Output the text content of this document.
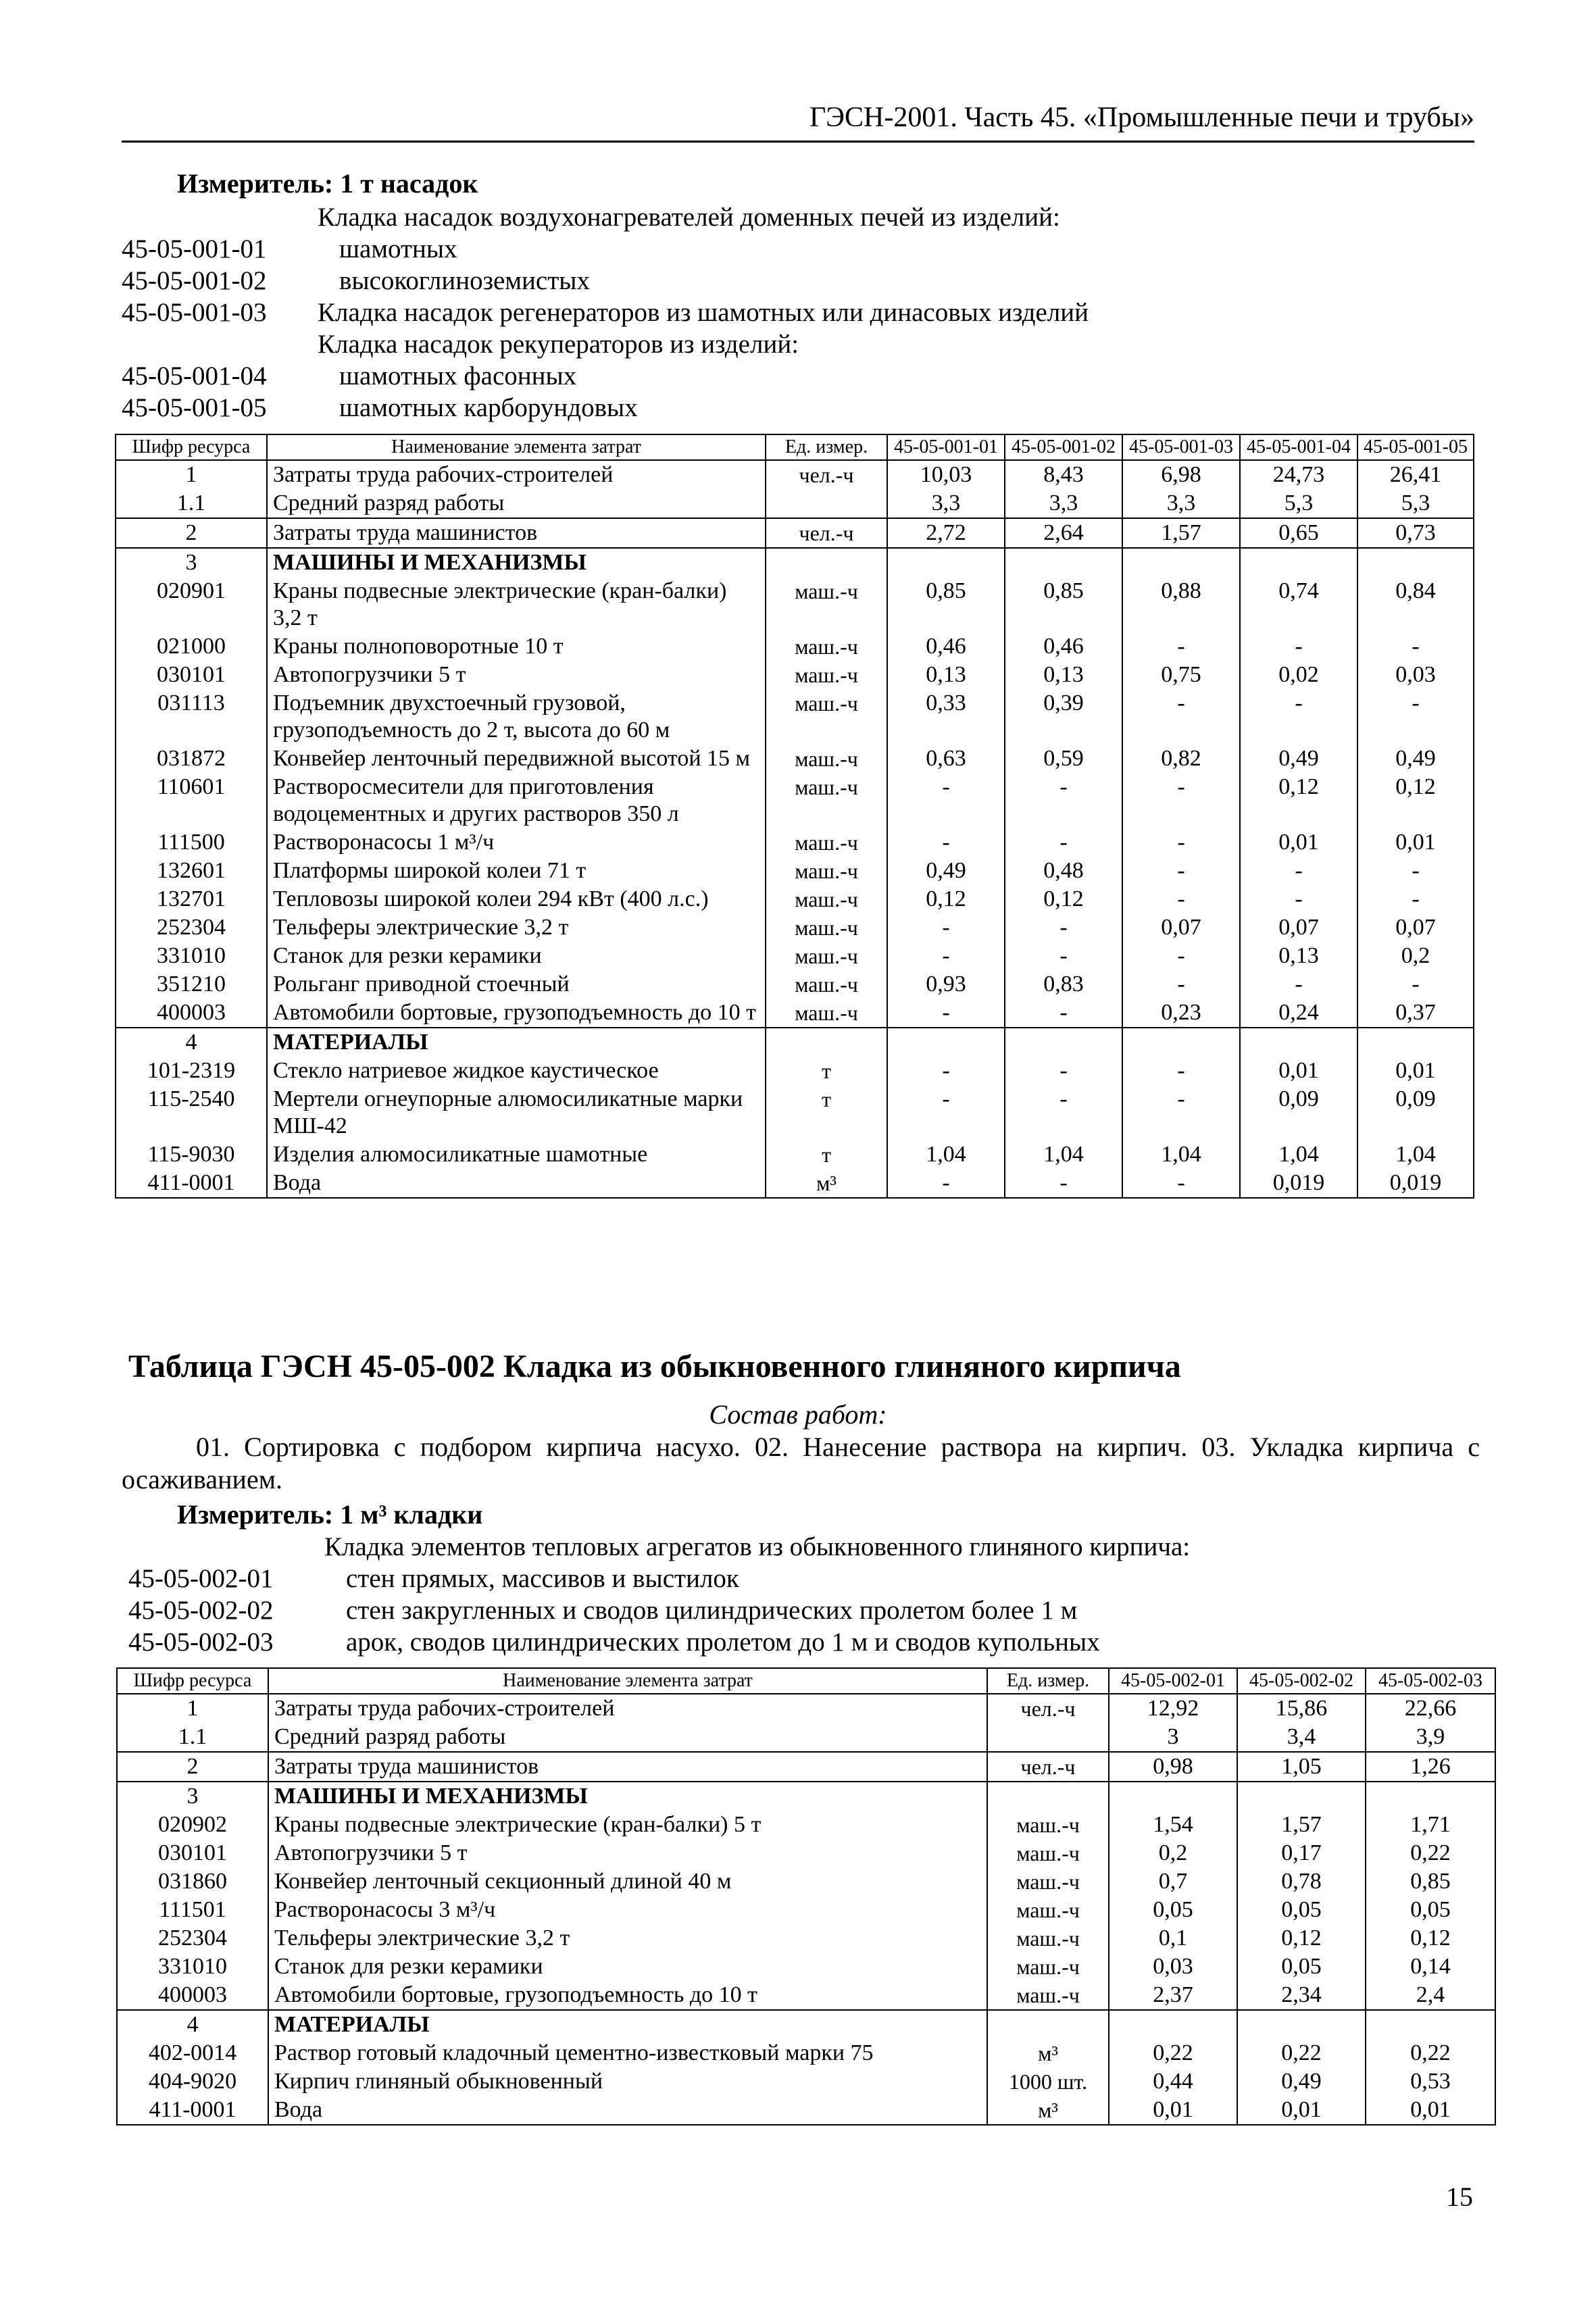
ГЭСН-2001. Часть 45. «Промышленные печи и трубы»
Измеритель: 1 т насадок
Кладка насадок воздухонагревателей доменных печей из изделий:
45-05-001-01	шамотных
45-05-001-02	высокоглиноземистых
45-05-001-03	Кладка насадок регенераторов из шамотных или динасовых изделий
Кладка насадок рекуператоров из изделий:
45-05-001-04	шамотных фасонных
45-05-001-05	шамотных карборундовых
Шифр ресурса	Наименование элемента затрат	Ед. измер.	45-05-001-01	45-05-001-02	45-05-001-03	45-05-001-04	45-05-001-05
1	Затраты труда рабочих-строителей	чел.-ч	10,03	8,43	6,98	24,73	26,41
1.1	Средний разряд работы		3,3	3,3	3,3	5,3	5,3
2	Затраты труда машинистов	чел.-ч	2,72	2,64	1,57	0,65	0,73
3	МАШИНЫ И МЕХАНИЗМЫ						
020901	Краны подвесные электрические (кран-балки) 3,2 т	маш.-ч	0,85	0,85	0,88	0,74	0,84
021000	Краны полноповоротные 10 т	маш.-ч	0,46	0,46	-	-	-
030101	Автопогрузчики 5 т	маш.-ч	0,13	0,13	0,75	0,02	0,03
031113	Подъемник двухстоечный грузовой, грузоподъемность до 2 т, высота до 60 м	маш.-ч	0,33	0,39	-	-	-
031872	Конвейер ленточный передвижной высотой 15 м	маш.-ч	0,63	0,59	0,82	0,49	0,49
110601	Растворосмесители для приготовления водоцементных и других растворов 350 л	маш.-ч	-	-	-	0,12	0,12
111500	Растворонасосы 1 м³/ч	маш.-ч	-	-	-	0,01	0,01
132601	Платформы широкой колеи 71 т	маш.-ч	0,49	0,48	-	-	-
132701	Тепловозы широкой колеи 294 кВт (400 л.с.)	маш.-ч	0,12	0,12	-	-	-
252304	Тельферы электрические 3,2 т	маш.-ч	-	-	0,07	0,07	0,07
331010	Станок для резки керамики	маш.-ч	-	-	-	0,13	0,2
351210	Рольганг приводной стоечный	маш.-ч	0,93	0,83	-	-	-
400003	Автомобили бортовые, грузоподъемность до 10 т	маш.-ч	-	-	0,23	0,24	0,37
4	МАТЕРИАЛЫ						
101-2319	Стекло натриевое жидкое каустическое	т	-	-	-	0,01	0,01
115-2540	Мертели огнеупорные алюмосиликатные марки МШ-42	т	-	-	-	0,09	0,09
115-9030	Изделия алюмосиликатные шамотные	т	1,04	1,04	1,04	1,04	1,04
411-0001	Вода	м³	-	-	-	0,019	0,019
Таблица ГЭСН 45-05-002 Кладка из обыкновенного глиняного кирпича
Состав работ:
01. Сортировка с подбором кирпича насухо. 02. Нанесение раствора на кирпич. 03. Укладка кирпича с осаживанием.
Измеритель: 1 м³ кладки
Кладка элементов тепловых агрегатов из обыкновенного глиняного кирпича:
45-05-002-01	стен прямых, массивов и выстилок
45-05-002-02	стен закругленных и сводов цилиндрических пролетом более 1 м
45-05-002-03	арок, сводов цилиндрических пролетом до 1 м и сводов купольных
Шифр ресурса	Наименование элемента затрат	Ед. измер.	45-05-002-01	45-05-002-02	45-05-002-03
1	Затраты труда рабочих-строителей	чел.-ч	12,92	15,86	22,66
1.1	Средний разряд работы		3	3,4	3,9
2	Затраты труда машинистов	чел.-ч	0,98	1,05	1,26
3	МАШИНЫ И МЕХАНИЗМЫ				
020902	Краны подвесные электрические (кран-балки) 5 т	маш.-ч	1,54	1,57	1,71
030101	Автопогрузчики 5 т	маш.-ч	0,2	0,17	0,22
031860	Конвейер ленточный секционный длиной 40 м	маш.-ч	0,7	0,78	0,85
111501	Растворонасосы 3 м³/ч	маш.-ч	0,05	0,05	0,05
252304	Тельферы электрические 3,2 т	маш.-ч	0,1	0,12	0,12
331010	Станок для резки керамики	маш.-ч	0,03	0,05	0,14
400003	Автомобили бортовые, грузоподъемность до 10 т	маш.-ч	2,37	2,34	2,4
4	МАТЕРИАЛЫ				
402-0014	Раствор готовый кладочный цементно-известковый марки 75	м³	0,22	0,22	0,22
404-9020	Кирпич глиняный обыкновенный	1000 шт.	0,44	0,49	0,53
411-0001	Вода	м³	0,01	0,01	0,01
15
